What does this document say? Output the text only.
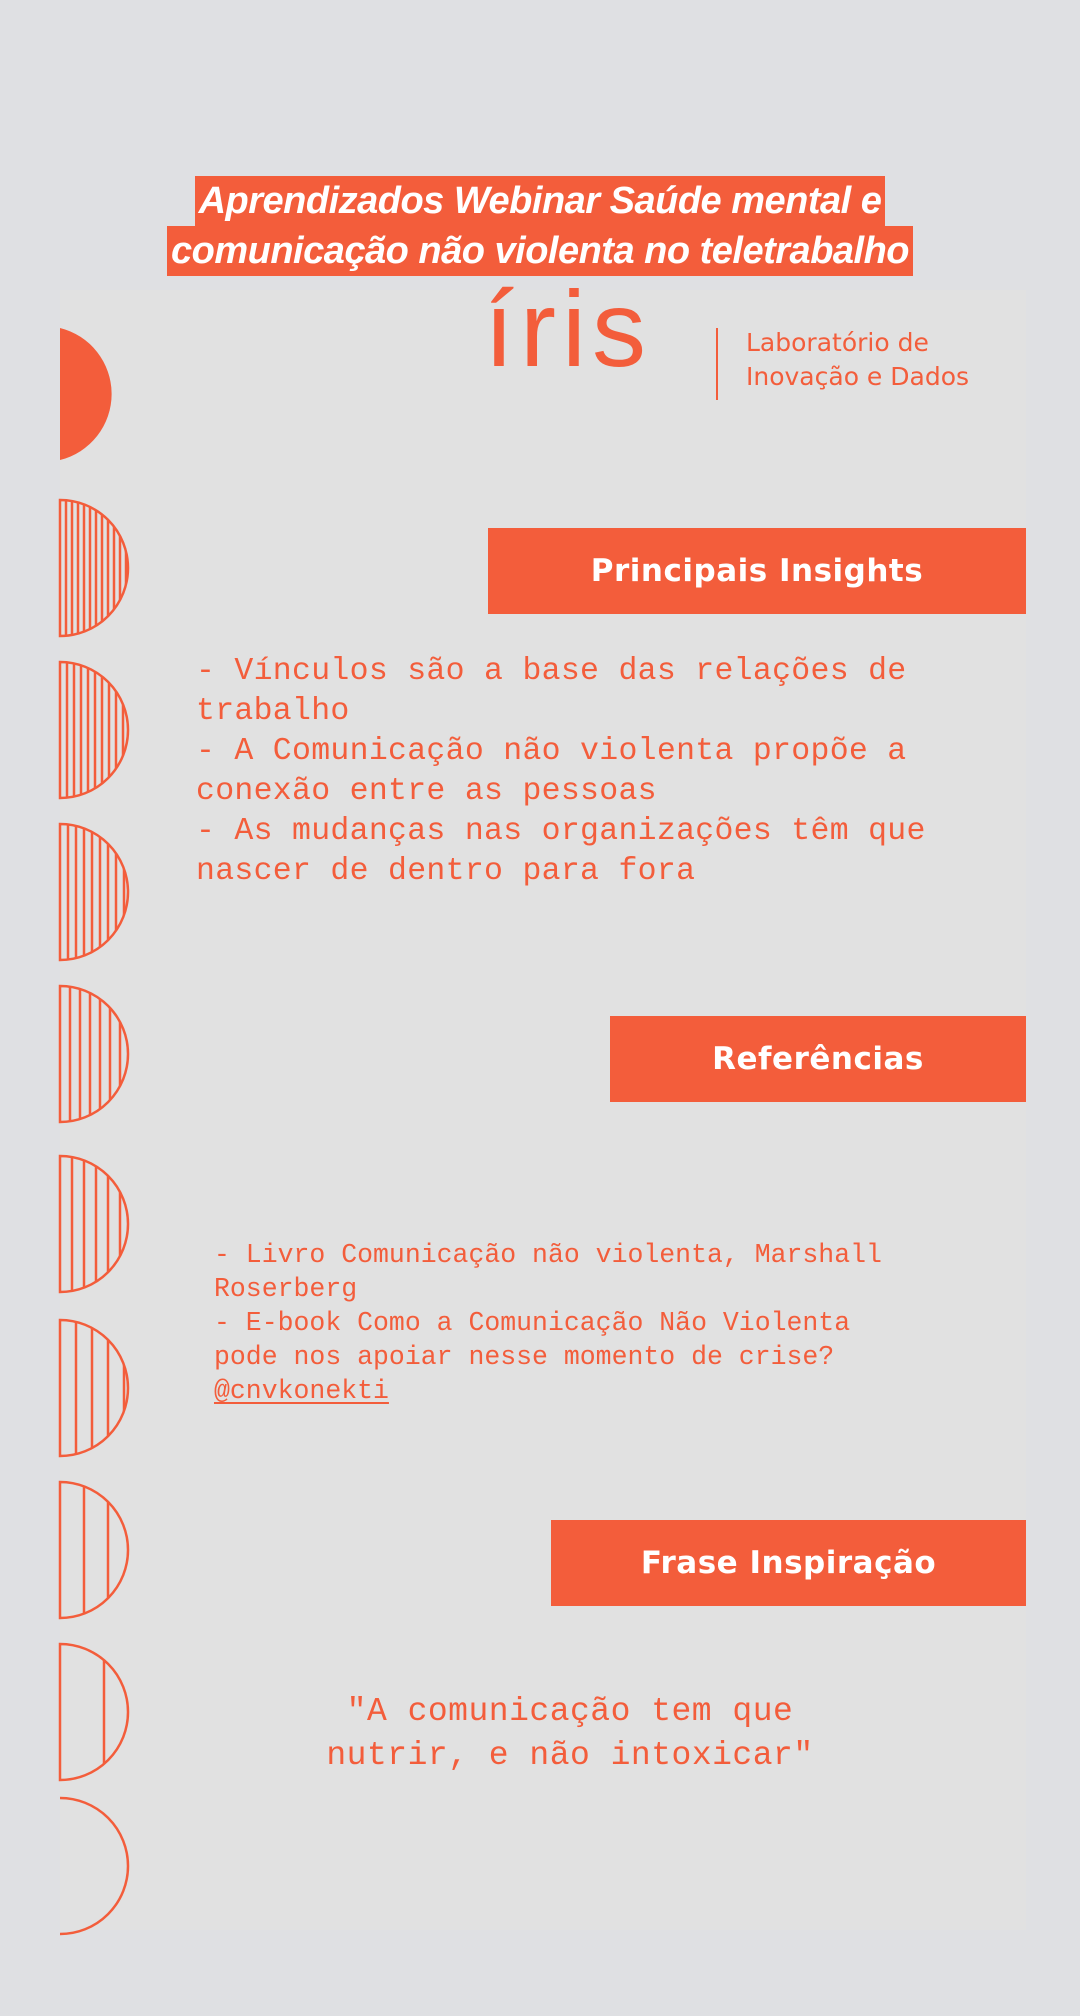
Aprendizados Webinar Saúde mental e
comunicação não violenta no teletrabalho
íris	Laboratório de
Inovação e Dados
Principais Insights
- Vínculos são a base das relações de
trabalho
- A Comunicação não violenta propõe a
conexão entre as pessoas
- As mudanças nas organizações têm que
nascer de dentro para fora
Referências
- Livro Comunicação não violenta, Marshall
Roserberg
- E-book Como a Comunicação Não Violenta
pode nos apoiar nesse momento de crise?
@cnvkonekti
Frase Inspiração
"A comunicação tem que
nutrir, e não intoxicar"
